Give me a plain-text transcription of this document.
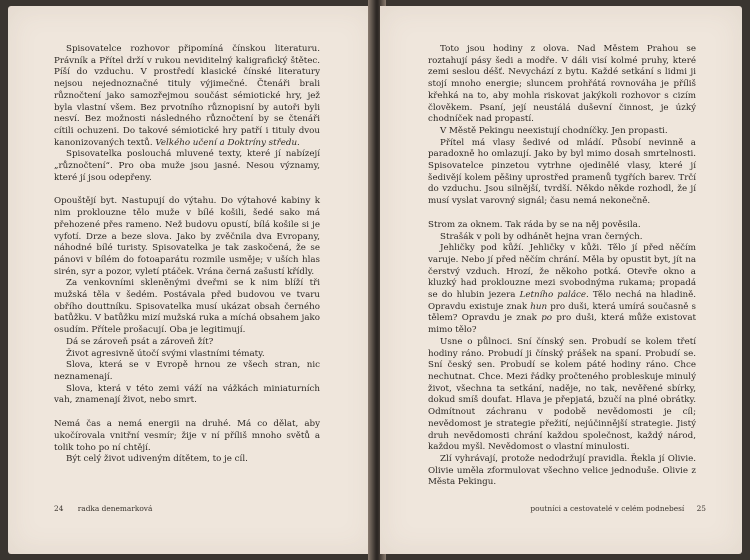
Spisovatelce rozhovor připomíná čínskou literaturu. Právník a Přítel drží v rukou neviditelný kaligrafický štětec. Píší do vzduchu. V prostředí klasické čínské literatury nejsou nejednoznačné tituly výjimečné. Čtenáři brali různočtení jako samozřejmou součást sémiotické hry, jež byla vlastní všem. Bez prvotního různopisní by autoři byli nesví. Bez možnosti následného různočtení by se čtenáři cítili ochuzeni. Do takové sémiotické hry patří i tituly dvou kanonizovaných textů. Velkého učení a Doktríny středu.

Spisovatelka poslouchá mluvené texty, které jí nabízejí „různočtení“. Pro oba muže jsou jasné. Nesou významy, které jí jsou odepřeny.

Opouštějí byt. Nastupují do výtahu. Do výtahové kabiny k nim proklouzne tělo muže v bílé košili, šedé sako má přehozené přes rameno. Než budovu opustí, bílá košile si je vyfotí. Drze a beze slova. Jako by zvěčnila dva Evropany, náhodné bílé turisty. Spisovatelka je tak zaskočená, že se pánovi v bílém do fotoaparátu rozmile usměje; v uších hlas sirén, syr a pozor, vyletí ptáček. Vrána černá zašustí křídly.

Za venkovními skleněnými dveřmi se k nim blíží tři mužská těla v šedém. Postávala před budovou ve tvaru obřího douttníku. Spisovatelka musí ukázat obsah černého batůžku. V batůžku mizí mužská ruka a míchá obsahem jako osudím. Přítele prošacují. Oba je legitimují.

Dá se zároveň psát a zároveň žít?

Život agresivně útočí svými vlastními tématy.

Slova, která se v Evropě hrnou ze všech stran, nic neznamenají.

Slova, která v této zemi váží na vážkách miniaturních vah, znamenají život, nebo smrt.

Nemá čas a nemá energii na druhé. Má co dělat, aby ukočírovala vnitřní vesmír; žije v ní příliš mnoho světů a tolik toho po ní chtějí.

Být celý život udiveným dítětem, to je cíl.

24 radka denemarková

Toto jsou hodiny z olova. Nad Městem Prahou se roztahují pásy šedi a modře. V dáli visí kolmé pruhy, které zemi seslou déšť. Nevychází z bytu. Každé setkání s lidmi ji stojí mnoho energie; sluncem prohřátá rovnováha je příliš křehká na to, aby mohla riskovat jakýkoli rozhovor s cizím člověkem. Psaní, její neustálá duševní činnost, je úzký chodníček nad propastí.

V Městě Pekingu neexistují chodníčky. Jen propasti.

Přítel má vlasy šedivé od mládí. Působí nevinně a paradoxně ho omlazují. Jako by byl mimo dosah smrtelnosti. Spisovatelce pinzetou vytrhne ojedinělé vlasy, které jí šedivějí kolem pěšiny uprostřed pramenů tygřích barev. Trčí do vzduchu. Jsou silnější, tvrdší. Někdo někde rozhodl, že jí musí vyslat varovný signál; času nemá nekonečně.

Strom za oknem. Tak ráda by se na něj pověsila.

Strašák v poli by odhánět hejna vran černých.

Jehličky pod kůží. Jehličky v kůži. Tělo jí před něčím varuje. Nebo jí před něčím chrání. Měla by opustit byt, jít na čerstvý vzduch. Hrozí, že někoho potká. Otevře okno a kluzký had proklouzne mezi svobodnýma rukama; propadá se do hlubin jezera Letního paláce. Tělo nechá na hladině. Opravdu existuje znak hun pro duši, která umírá současně s tělem? Opravdu je znak po pro duši, která může existovat mimo tělo?

Usne o půlnoci. Sní čínský sen. Probudí se kolem třetí hodiny ráno. Probudí ji čínský prášek na spaní. Probudí se. Sní český sen. Probudí se kolem páté hodiny ráno. Chce nechutnat. Chce. Mezi řádky pročteného probleskuje minulý život, všechna ta setkání, naděje, no tak, nevěřené sbírky, dokud smíš doufat. Hlava je přepjatá, bzučí na plné obrátky. Odmítnout záchranu v podobě nevědomosti je cíl; nevědomost je strategie přežití, nejúčinnější strategie. Jistý druh nevědomosti chrání každou společnost, každý národ, každou myšl. Nevědomost o vlastní minulosti.

Zlí vyhrávají, protože nedodržují pravidla. Řekla jí Olivie. Olivie uměla zformulovat všechno velice jednoduše. Olivie z Města Pekingu.

poutníci a cestovatelé v celém podnebesí 25
